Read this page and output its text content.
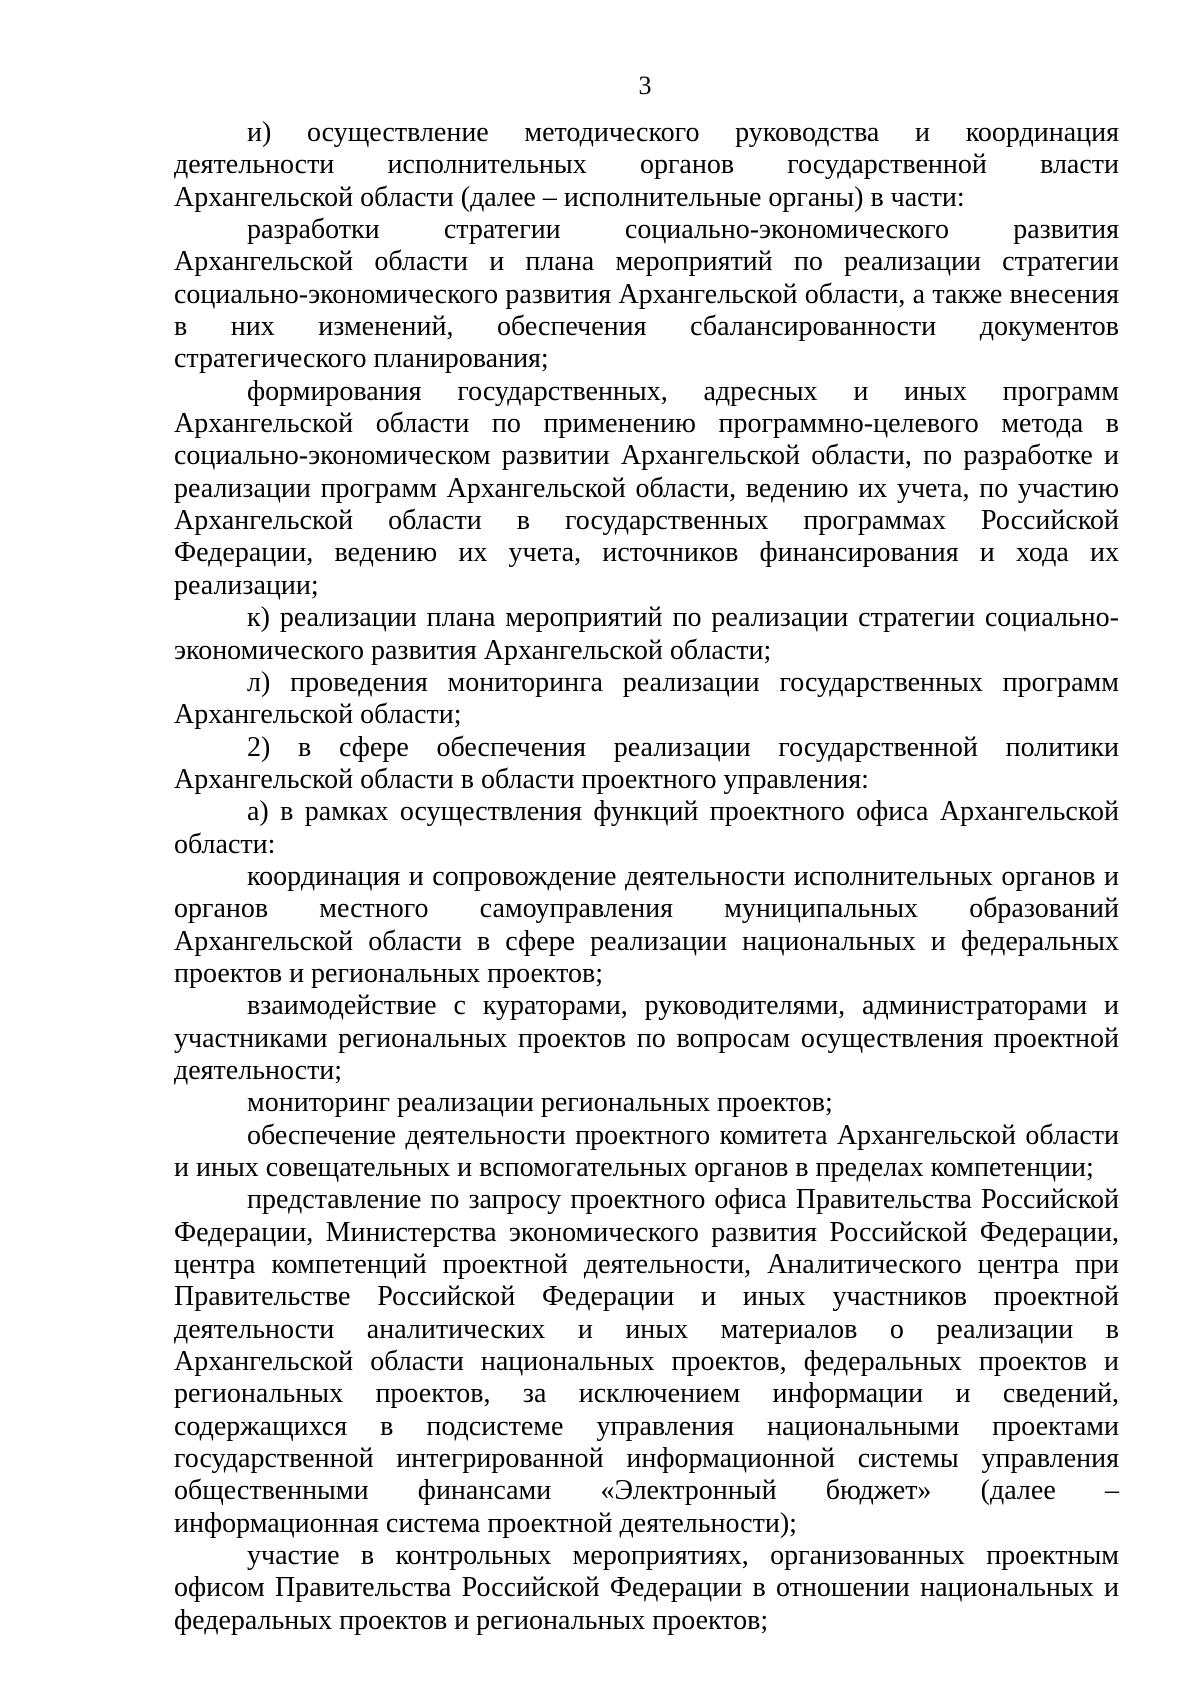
3

и) осуществление методического руководства и координация деятельности исполнительных органов государственной власти Архангельской области (далее – исполнительные органы) в части:

разработки стратегии социально-экономического развития Архангельской области и плана мероприятий по реализации стратегии социально-экономического развития Архангельской области, а также внесения в них изменений, обеспечения сбалансированности документов стратегического планирования;

формирования государственных, адресных и иных программ Архангельской области по применению программно-целевого метода в социально-экономическом развитии Архангельской области, по разработке и реализации программ Архангельской области, ведению их учета, по участию Архангельской области в государственных программах Российской Федерации, ведению их учета, источников финансирования и хода их реализации;

к) реализации плана мероприятий по реализации стратегии социально-экономического развития Архангельской области;

л) проведения мониторинга реализации государственных программ Архангельской области;

2) в сфере обеспечения реализации государственной политики Архангельской области в области проектного управления:

а) в рамках осуществления функций проектного офиса Архангельской области:

координация и сопровождение деятельности исполнительных органов и органов местного самоуправления муниципальных образований Архангельской области в сфере реализации национальных и федеральных проектов и региональных проектов;

взаимодействие с кураторами, руководителями, администраторами и участниками региональных проектов по вопросам осуществления проектной деятельности;

мониторинг реализации региональных проектов;

обеспечение деятельности проектного комитета Архангельской области и иных совещательных и вспомогательных органов в пределах компетенции;

представление по запросу проектного офиса Правительства Российской Федерации, Министерства экономического развития Российской Федерации, центра компетенций проектной деятельности, Аналитического центра при Правительстве Российской Федерации и иных участников проектной деятельности аналитических и иных материалов о реализации в Архангельской области национальных проектов, федеральных проектов и региональных проектов, за исключением информации и сведений, содержащихся в подсистеме управления национальными проектами государственной интегрированной информационной системы управления общественными финансами «Электронный бюджет» (далее – информационная система проектной деятельности);

участие в контрольных мероприятиях, организованных проектным офисом Правительства Российской Федерации в отношении национальных и федеральных проектов и региональных проектов;
